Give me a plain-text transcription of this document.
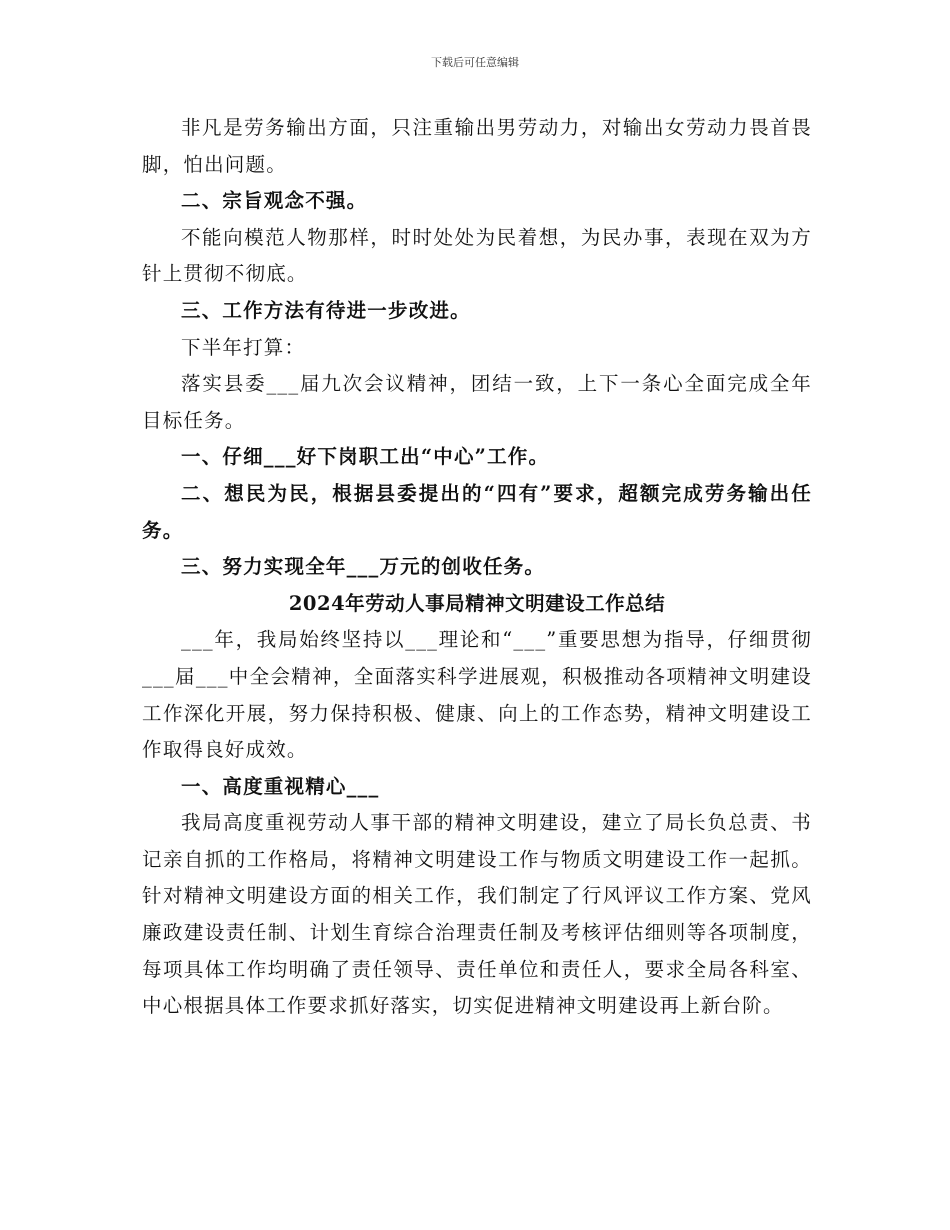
下载后可任意编辑

非凡是劳务输出方面，只注重输出男劳动力，对输出女劳动力畏首畏脚，怕出问题。

二、宗旨观念不强。

不能向模范人物那样，时时处处为民着想，为民办事，表现在双为方针上贯彻不彻底。

三、工作方法有待进一步改进。

下半年打算：

落实县委___届九次会议精神，团结一致，上下一条心全面完成全年目标任务。

一、仔细___好下岗职工出“中心”工作。

二、想民为民，根据县委提出的“四有”要求，超额完成劳务输出任务。

三、努力实现全年___万元的创收任务。

2024年劳动人事局精神文明建设工作总结

___年，我局始终坚持以___理论和“___”重要思想为指导，仔细贯彻___届___中全会精神，全面落实科学进展观，积极推动各项精神文明建设工作深化开展，努力保持积极、健康、向上的工作态势，精神文明建设工作取得良好成效。

一、高度重视精心___

我局高度重视劳动人事干部的精神文明建设，建立了局长负总责、书记亲自抓的工作格局，将精神文明建设工作与物质文明建设工作一起抓。针对精神文明建设方面的相关工作，我们制定了行风评议工作方案、党风廉政建设责任制、计划生育综合治理责任制及考核评估细则等各项制度，每项具体工作均明确了责任领导、责任单位和责任人，要求全局各科室、中心根据具体工作要求抓好落实，切实促进精神文明建设再上新台阶。
